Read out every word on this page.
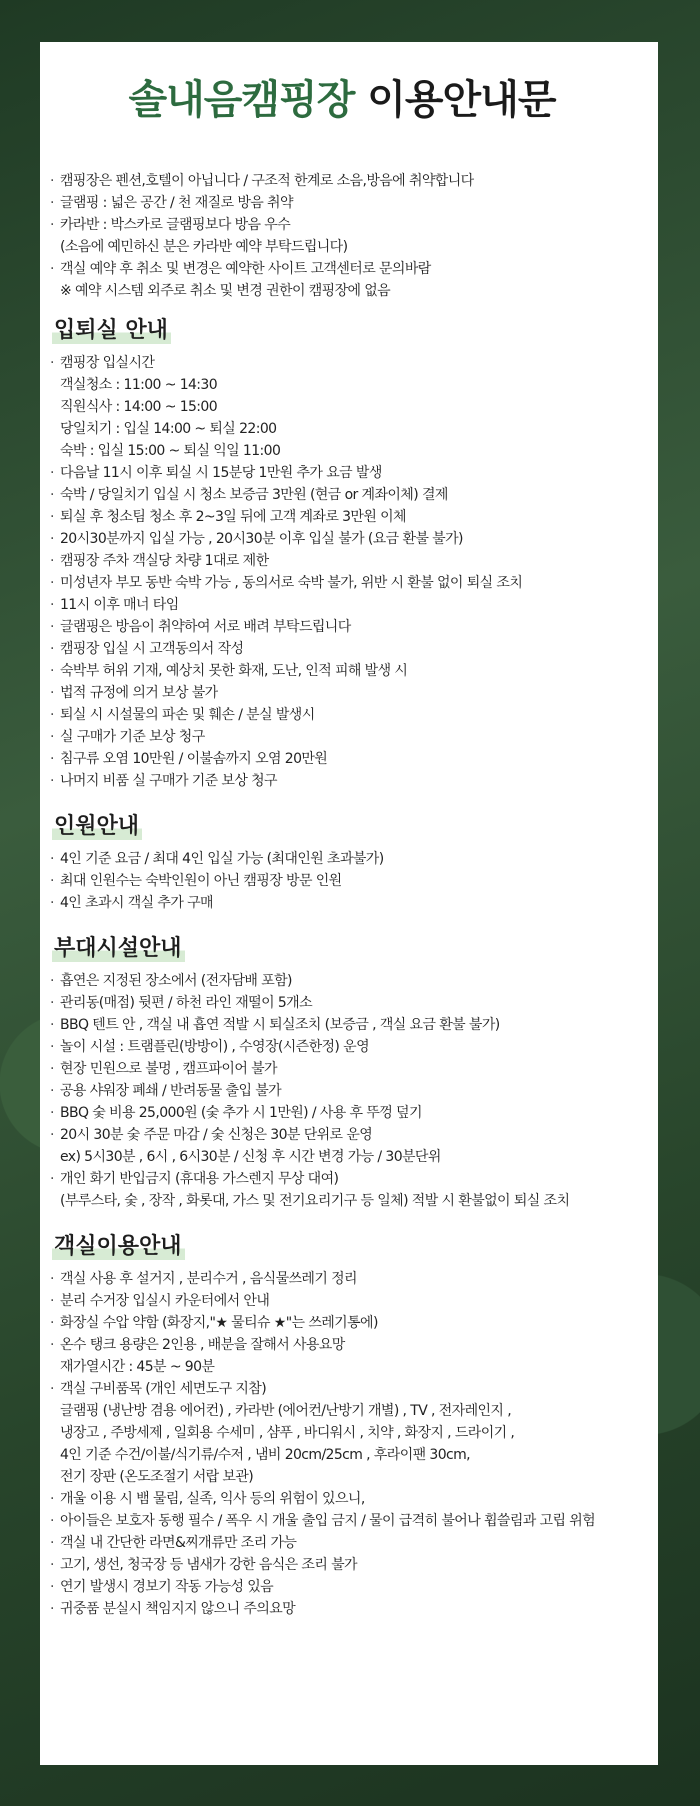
솔내음캠핑장 이용안내문
· 캠핑장은 펜션,호텔이 아닙니다 / 구조적 한계로 소음,방음에 취약합니다
· 글램핑 : 넓은 공간 / 천 재질로 방음 취약
· 카라반 : 박스카로 글램핑보다 방음 우수
(소음에 예민하신 분은 카라반 예약 부탁드립니다)
· 객실 예약 후 취소 및 변경은 예약한 사이트 고객센터로 문의바람
※ 예약 시스템 외주로 취소 및 변경 권한이 캠핑장에 없음
입퇴실 안내
· 캠핑장 입실시간
객실청소 : 11:00 ~ 14:30
직원식사 : 14:00 ~ 15:00
당일치기 : 입실 14:00 ~ 퇴실 22:00
숙박 : 입실 15:00 ~ 퇴실 익일 11:00
· 다음날 11시 이후 퇴실 시 15분당 1만원 추가 요금 발생
· 숙박 / 당일치기 입실 시 청소 보증금 3만원 (현금 or 계좌이체) 결제
· 퇴실 후 청소팀 청소 후 2~3일 뒤에 고객 계좌로 3만원 이체
· 20시30분까지 입실 가능 , 20시30분 이후 입실 불가 (요금 환불 불가)
· 캠핑장 주차 객실당 차량 1대로 제한
· 미성년자 부모 동반 숙박 가능 , 동의서로 숙박 불가, 위반 시 환불 없이 퇴실 조치
· 11시 이후 매너 타임
· 글램핑은 방음이 취약하여 서로 배려 부탁드립니다
· 캠핑장 입실 시 고객동의서 작성
· 숙박부 허위 기재, 예상치 못한 화재, 도난, 인적 피해 발생 시
· 법적 규정에 의거 보상 불가
· 퇴실 시 시설물의 파손 및 훼손 / 분실 발생시
· 실 구매가 기준 보상 청구
· 침구류 오염 10만원 / 이불솜까지 오염 20만원
· 나머지 비품 실 구매가 기준 보상 청구
인원안내
· 4인 기준 요금 / 최대 4인 입실 가능 (최대인원 초과불가)
· 최대 인원수는 숙박인원이 아닌 캠핑장 방문 인원
· 4인 초과시 객실 추가 구매
부대시설안내
· 흡연은 지정된 장소에서 (전자담배 포함)
· 관리동(매점) 뒷편 / 하천 라인 재떨이 5개소
· BBQ 텐트 안 , 객실 내 흡연 적발 시 퇴실조치 (보증금 , 객실 요금 환불 불가)
· 놀이 시설 : 트램플린(방방이) , 수영장(시즌한정) 운영
· 현장 민원으로 불멍 , 캠프파이어 불가
· 공용 샤워장 폐쇄 / 반려동물 출입 불가
· BBQ 숯 비용 25,000원 (숯 추가 시 1만원) / 사용 후 뚜껑 덮기
· 20시 30분 숯 주문 마감 / 숯 신청은 30분 단위로 운영
ex) 5시30분 , 6시 , 6시30분 / 신청 후 시간 변경 가능 / 30분단위
· 개인 화기 반입금지 (휴대용 가스렌지 무상 대여)
(부루스타, 숯 , 장작 , 화롯대, 가스 및 전기요리기구 등 일체) 적발 시 환불없이 퇴실 조치
객실이용안내
· 객실 사용 후 설거지 , 분리수거 , 음식물쓰레기 정리
· 분리 수거장 입실시 카운터에서 안내
· 화장실 수압 약함 (화장지,"★ 물티슈 ★"는 쓰레기통에)
· 온수 탱크 용량은 2인용 , 배분을 잘해서 사용요망
재가열시간 : 45분 ~ 90분
· 객실 구비품목 (개인 세면도구 지참)
글램핑 (냉난방 겸용 에어컨) , 카라반 (에어컨/난방기 개별) , TV , 전자레인지 ,
냉장고 , 주방세제 , 일회용 수세미 , 샴푸 , 바디워시 , 치약 , 화장지 , 드라이기 ,
4인 기준 수건/이불/식기류/수저 , 냄비 20cm/25cm , 후라이팬 30cm,
전기 장판 (온도조절기 서랍 보관)
· 개울 이용 시 뱀 물림, 실족, 익사 등의 위험이 있으니,
· 아이들은 보호자 동행 필수 / 폭우 시 개울 출입 금지 / 물이 급격히 불어나 휩쓸림과 고립 위험
· 객실 내 간단한 라면&찌개류만 조리 가능
· 고기, 생선, 청국장 등 냄새가 강한 음식은 조리 불가
· 연기 발생시 경보기 작동 가능성 있음
· 귀중품 분실시 책임지지 않으니 주의요망
